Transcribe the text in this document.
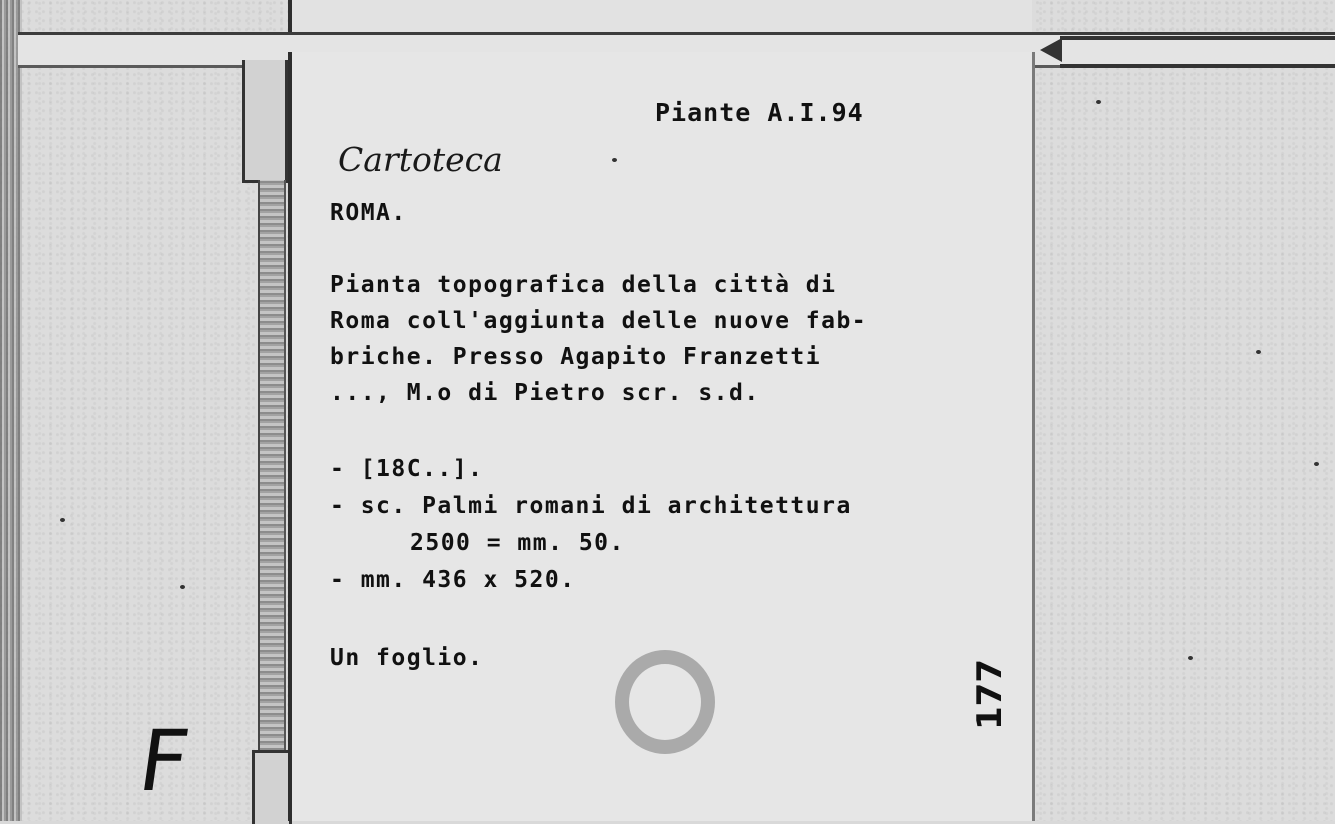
Piante A.I.94
Cartoteca
ROMA.
Pianta topografica della città di
Roma coll'aggiunta delle nuove fab-
briche. Presso Agapito Franzetti
..., M.o di Pietro scr. s.d.
- [18C..].
- sc. Palmi romani di architettura
2500 = mm. 50.
- mm. 436 x 520.
Un foglio.
177
F
